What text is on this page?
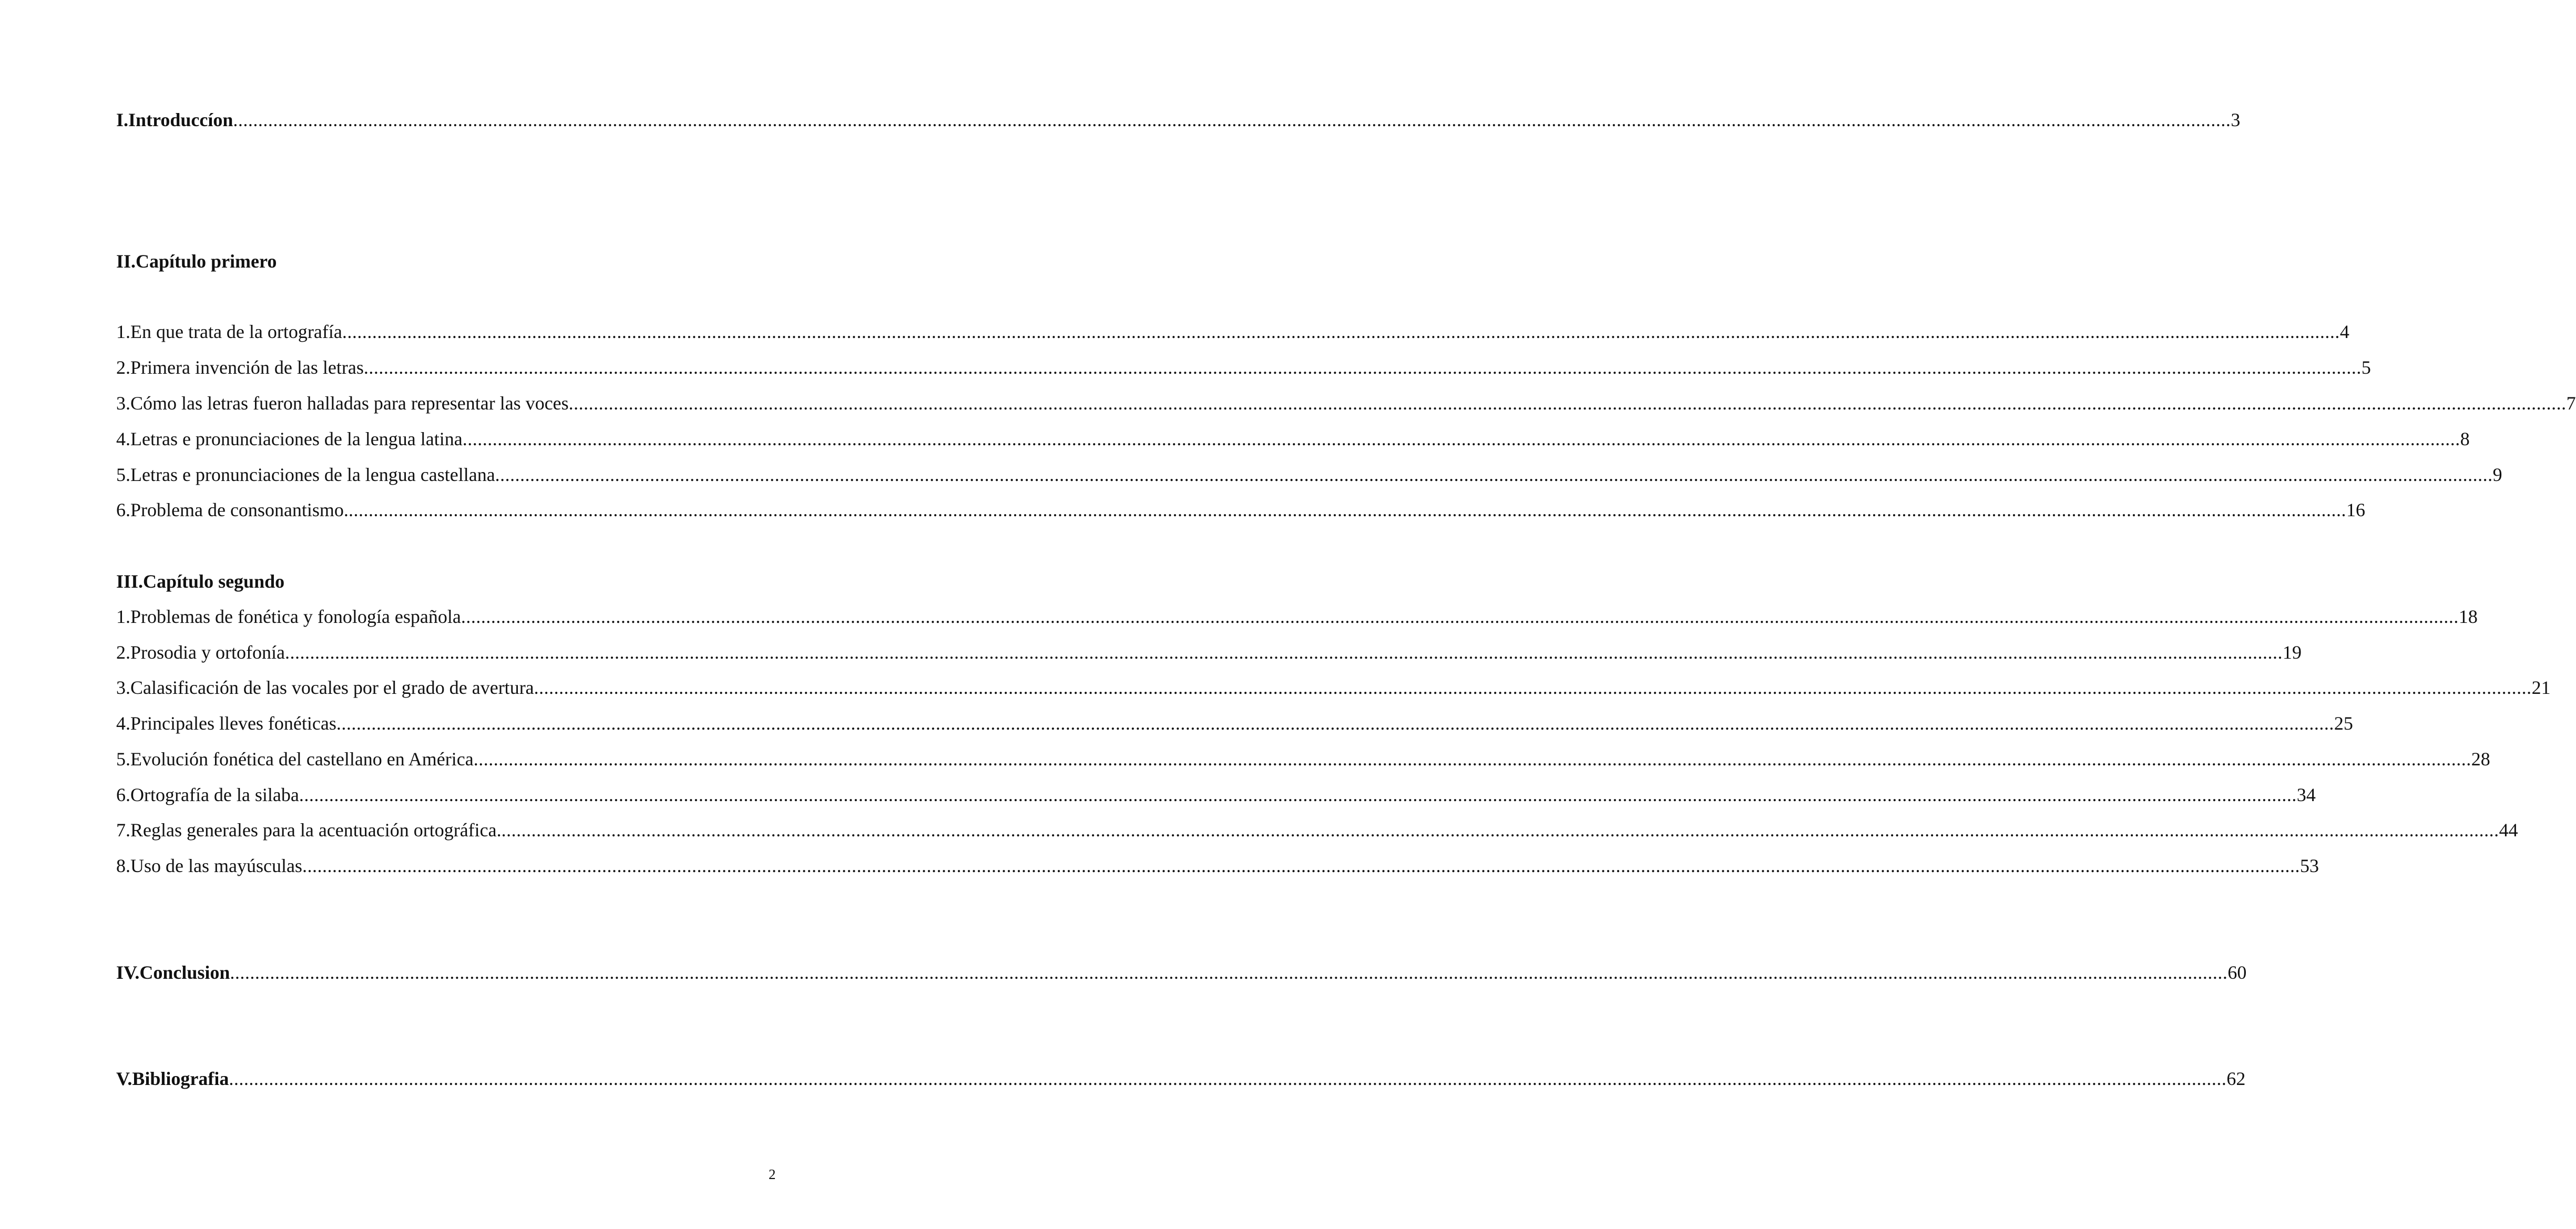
I.Introduccíon ................................................................................................................................................................................................................................................................................................................................................................................................................ 3
II.Capítulo primero
1.En que trata de la ortografía ................................................................................................................................................................................................................................................................................................................................................................................................................ 4
2.Primera invención de las letras ................................................................................................................................................................................................................................................................................................................................................................................................................ 5
3.Cómo las letras fueron halladas para representar las voces ................................................................................................................................................................................................................................................................................................................................................................................................................ 7
4.Letras e pronunciaciones de la lengua latina ................................................................................................................................................................................................................................................................................................................................................................................................................ 8
5.Letras e pronunciaciones de la lengua castellana ................................................................................................................................................................................................................................................................................................................................................................................................................ 9
6.Problema de consonantismo. ................................................................................................................................................................................................................................................................................................................................................................................................................ 16
III.Capítulo segundo
1.Problemas de fonética y fonología española ................................................................................................................................................................................................................................................................................................................................................................................................................ 18
2.Prosodia y ortofonía ................................................................................................................................................................................................................................................................................................................................................................................................................ 19
3.Calasificación de las vocales por el grado de avertura ................................................................................................................................................................................................................................................................................................................................................................................................................ 21
4.Principales lleves fonéticas ................................................................................................................................................................................................................................................................................................................................................................................................................ 25
5.Evolución fonética del castellano en América ................................................................................................................................................................................................................................................................................................................................................................................................................ 28
6.Ortografía de la silaba ................................................................................................................................................................................................................................................................................................................................................................................................................ 34
7.Reglas generales para la acentuación ortográfica. ................................................................................................................................................................................................................................................................................................................................................................................................................ 44
8.Uso de las mayúsculas ................................................................................................................................................................................................................................................................................................................................................................................................................ 53
IV.Conclusion ................................................................................................................................................................................................................................................................................................................................................................................................................ 60
V.Bibliografia ................................................................................................................................................................................................................................................................................................................................................................................................................ 62
2
